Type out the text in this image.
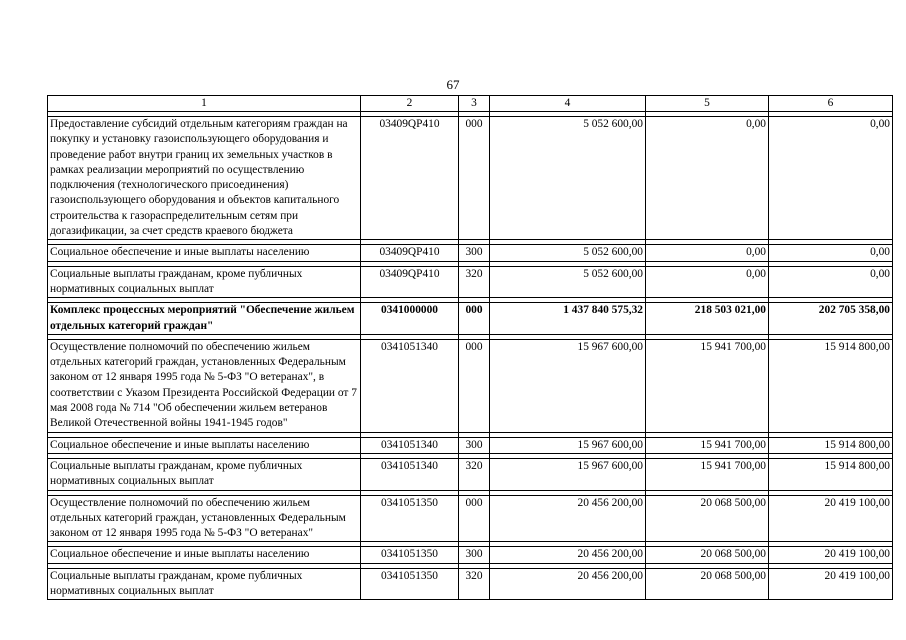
67
1	2	3	4	5	6

Предоставление субсидий отдельным категориям граждан на покупку и установку газоиспользующего оборудования и проведение работ внутри границ их земельных участков в рамках реализации мероприятий по осуществлению подключения (технологического присоединения) газоиспользующего оборудования и объектов капитального строительства к газораспределительным сетям при догазификации, за счет средств краевого бюджета	03409QP410	000	5 052 600,00	0,00	0,00

Социальное обеспечение и иные выплаты населению	03409QP410	300	5 052 600,00	0,00	0,00

Социальные выплаты гражданам, кроме публичных нормативных социальных выплат	03409QP410	320	5 052 600,00	0,00	0,00

Комплекс процессных мероприятий "Обеспечение жильем отдельных категорий граждан"	0341000000	000	1 437 840 575,32	218 503 021,00	202 705 358,00

Осуществление полномочий по обеспечению жильем отдельных категорий граждан, установленных Федеральным законом от 12 января 1995 года № 5-ФЗ "О ветеранах", в соответствии с Указом Президента Российской Федерации от 7 мая 2008 года № 714 "Об обеспечении жильем ветеранов Великой Отечественной войны 1941-1945 годов"	0341051340	000	15 967 600,00	15 941 700,00	15 914 800,00

Социальное обеспечение и иные выплаты населению	0341051340	300	15 967 600,00	15 941 700,00	15 914 800,00

Социальные выплаты гражданам, кроме публичных нормативных социальных выплат	0341051340	320	15 967 600,00	15 941 700,00	15 914 800,00

Осуществление полномочий по обеспечению жильем отдельных категорий граждан, установленных Федеральным законом от 12 января 1995 года № 5-ФЗ "О ветеранах"	0341051350	000	20 456 200,00	20 068 500,00	20 419 100,00

Социальное обеспечение и иные выплаты населению	0341051350	300	20 456 200,00	20 068 500,00	20 419 100,00

Социальные выплаты гражданам, кроме публичных нормативных социальных выплат	0341051350	320	20 456 200,00	20 068 500,00	20 419 100,00
